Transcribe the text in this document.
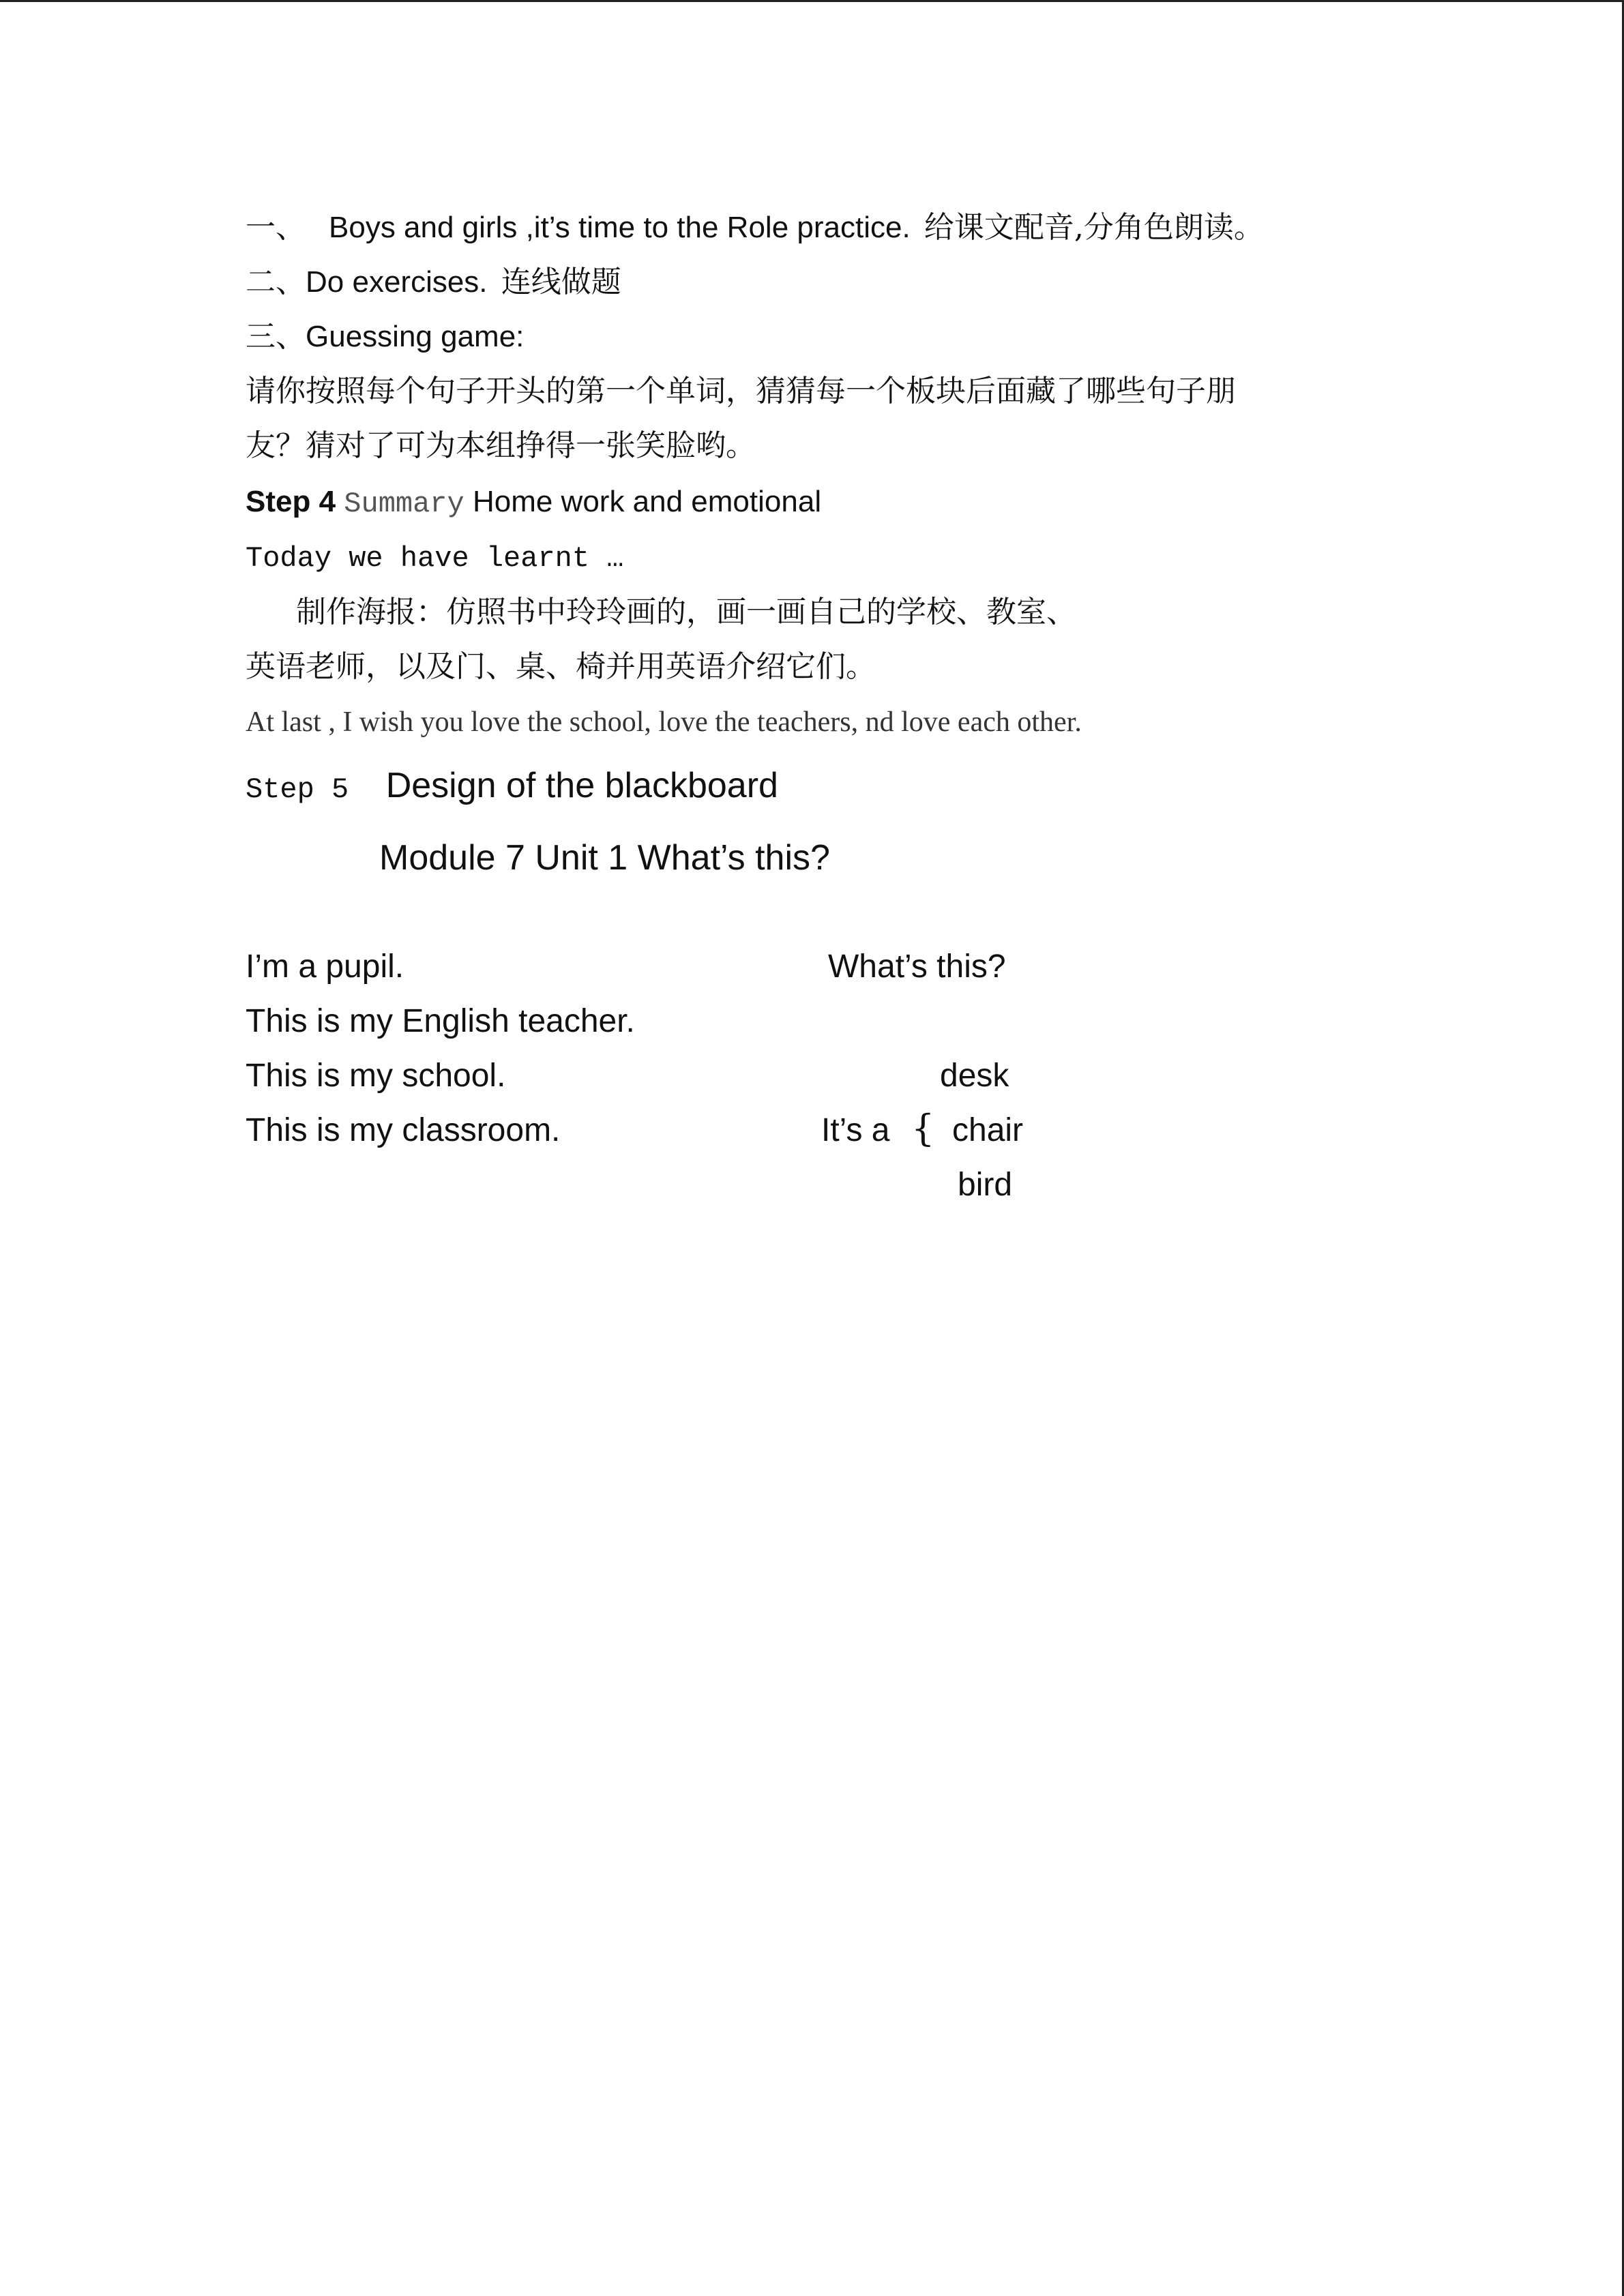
一、 Boys and girls ,it’s time to the Role practice. 给课文配音,分角色朗读。
二、Do exercises. 连线做题
三、Guessing game:
请你按照每个句子开头的第一个单词，猜猜每一个板块后面藏了哪些句子朋
友？猜对了可为本组挣得一张笑脸哟。
Step 4 Summary Home work and emotional
Today we have learnt …
制作海报：仿照书中玲玲画的，画一画自己的学校、教室、
英语老师，以及门、桌、椅并用英语介绍它们。
At last , I wish you love the school, love the teachers, nd love each other.
Step 5 Design of the blackboard
Module 7 Unit 1 What’s this?
I’m a pupil.
This is my English teacher.
This is my school.
This is my classroom.
What’s this?
desk
It’s a { chair
bird
